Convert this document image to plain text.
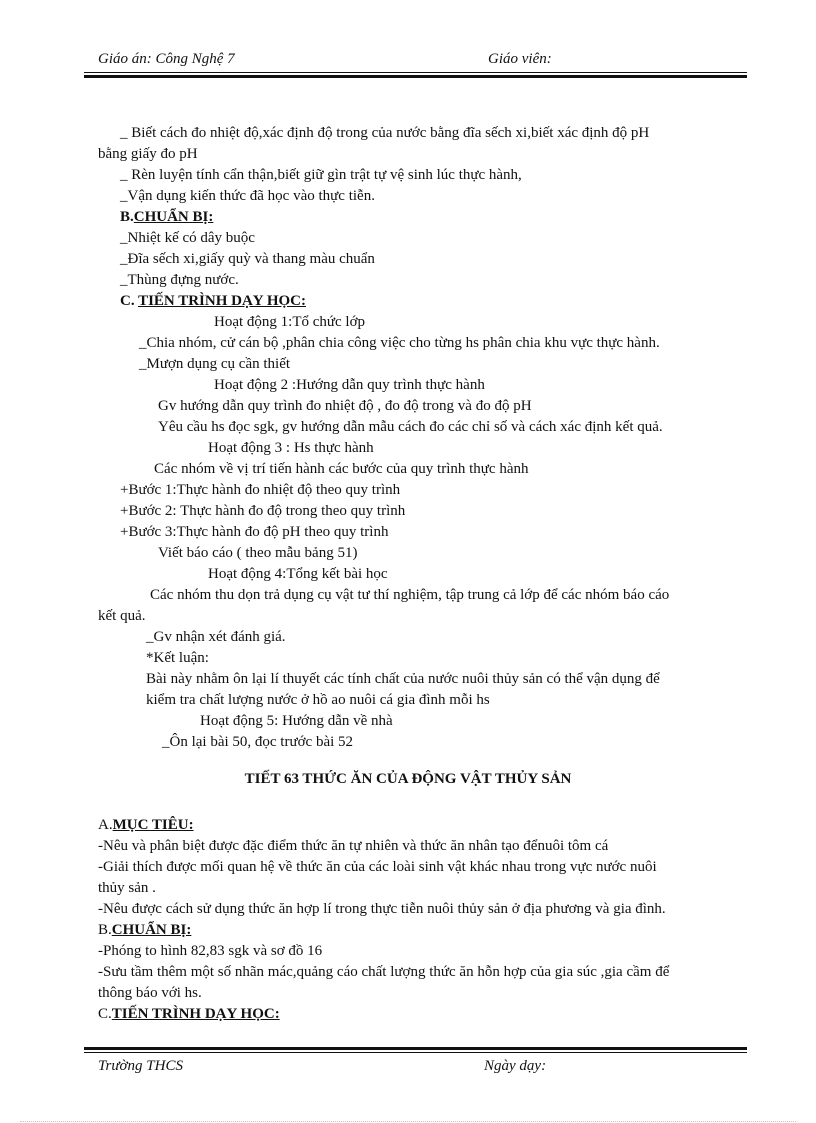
Giáo án: Công Nghệ 7	Giáo viên:
_ Biết cách đo nhiệt độ,xác định độ trong của nước bằng đĩa sếch xi,biết xác định độ pH
bằng giấy đo pH
_ Rèn luyện tính cẩn thận,biết giữ gìn trật tự vệ sinh lúc thực hành,
_Vận dụng kiến thức đã học vào thực tiễn.
B.CHUẨN BỊ:
_Nhiệt kế có dây buộc
_Đĩa sếch xi,giấy quỳ và thang màu chuẩn
_Thùng đựng nước.
C. TIẾN TRÌNH DẠY HỌC:
Hoạt động 1:Tổ chức lớp
_Chia nhóm, cử cán bộ ,phân chia công việc cho từng hs phân chia khu vực thực hành.
_Mượn dụng cụ cần thiết
Hoạt động 2 :Hướng dẫn quy trình thực hành
Gv hướng dẫn quy trình đo nhiệt độ , đo độ trong và đo độ pH
Yêu cầu hs đọc sgk, gv hướng dẫn mẫu cách đo các chỉ số và cách xác định kết quả.
Hoạt động 3 : Hs thực hành
Các nhóm về vị trí tiến hành các bước của quy trình thực hành
+Bước 1:Thực hành đo nhiệt độ theo quy trình
+Bước 2: Thực hành đo độ trong theo quy trình
+Bước 3:Thực hành đo độ pH theo quy trình
Viết báo cáo ( theo mẫu bảng 51)
Hoạt động 4:Tổng kết bài học
Các nhóm thu dọn trả dụng cụ vật tư thí nghiệm, tập trung cả lớp để các nhóm báo cáo
kết quả.
_Gv nhận xét đánh giá.
*Kết luận:
Bài này nhằm ôn lại lí thuyết các tính chất của nước nuôi thủy sản có thể vận dụng để
kiểm tra chất lượng nước ở hồ ao nuôi cá gia đình mỗi hs
Hoạt động 5: Hướng dẫn về nhà
_Ôn lại bài 50, đọc trước bài 52
TIẾT 63 THỨC ĂN CỦA ĐỘNG VẬT THỦY SẢN
A.MỤC TIÊU:
-Nêu và phân biệt được đặc điểm thức ăn tự nhiên và thức ăn nhân tạo đểnuôi tôm cá
-Giải thích được mối quan hệ về thức ăn của các loài sinh vật khác nhau trong vực nước nuôi
thủy sản .
-Nêu được cách sử dụng thức ăn hợp lí trong thực tiễn nuôi thủy sản ở địa phương và gia đình.
B.CHUẨN BỊ:
-Phóng to hình 82,83 sgk và sơ đồ 16
-Sưu tầm thêm một số nhãn mác,quảng cáo chất lượng thức ăn hỗn hợp của gia súc ,gia cầm để
thông báo với hs.
C.TIẾN TRÌNH DẠY HỌC:
Trường THCS	Ngày dạy:
